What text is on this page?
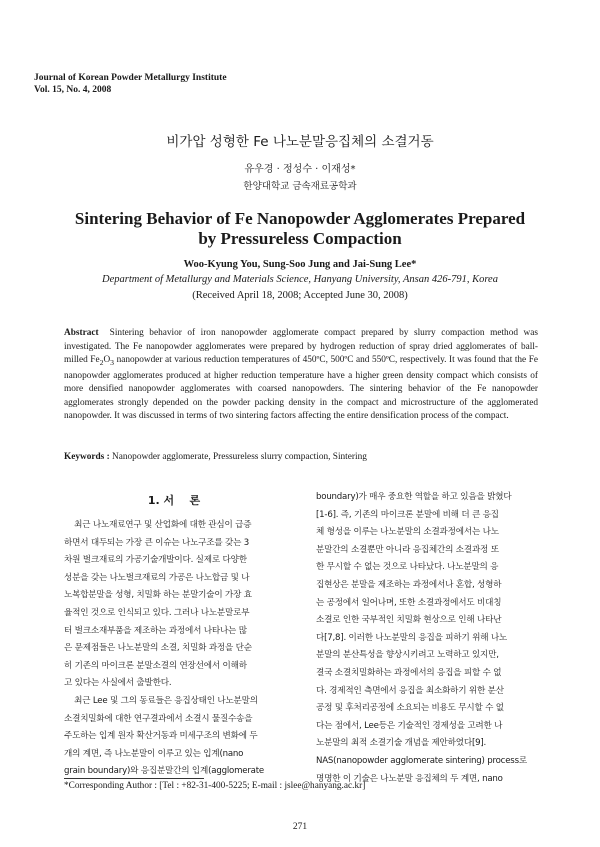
Journal of Korean Powder Metallurgy Institute
Vol. 15, No. 4, 2008
비가압 성형한 Fe 나노분말응집체의 소결거동
유우경 · 정성수 · 이재성*
한양대학교 금속재료공학과
Sintering Behavior of Fe Nanopowder Agglomerates Prepared
by Pressureless Compaction
Woo-Kyung You, Sung-Soo Jung and Jai-Sung Lee*
Department of Metallurgy and Materials Science, Hanyang University, Ansan 426-791, Korea
(Received April 18, 2008; Accepted June 30, 2008)
Abstract Sintering behavior of iron nanopowder agglomerate compact prepared by slurry compaction method was investigated. The Fe nanopowder agglomerates were prepared by hydrogen reduction of spray dried agglomerates of ball-milled $Fe_2O_3$ nanopowder at various reduction temperatures of 450ºC, 500ºC and 550ºC, respectively. It was found that the Fe nanopowder agglomerates produced at higher reduction temperature have a higher green density compact which consists of more densified nanopowder agglomerates with coarsed nanopowders. The sintering behavior of the Fe nanopowder agglomerates strongly depended on the powder packing density in the compact and microstructure of the agglomerated nanopowder. It was discussed in terms of two sintering factors affecting the entire densification process of the compact.
Keywords : Nanopowder agglomerate, Pressureless slurry compaction, Sintering
1. 서    론

최근 나노재료연구 및 산업화에 대한 관심이 급증

하면서 대두되는 가장 큰 이슈는 나노구조를 갖는 3

차원 벌크재료의 가공기술개발이다. 실제로 다양한

성분을 갖는 나노벌크재료의 가공은 나노합금 및 나

노복합분말을 성형, 치밀화 하는 분말기술이 가장 효

율적인 것으로 인식되고 있다. 그러나 나노분말로부

터 벌크소재부품을 제조하는 과정에서 나타나는 많

은 문제점들은 나노분말의 소결, 치밀화 과정을 단순

히 기존의 마이크론 분말소결의 연장선에서 이해하

고 있다는 사실에서 출발한다.

최근 Lee 및 그의 동료들은 응집상태인 나노분말의

소결치밀화에 대한 연구결과에서 소결시 물질수송을

주도하는 입계 원자 확산거동과 미세구조의 변화에 두

개의 계면, 즉 나노분말이 이루고 있는 입계(nano

grain boundary)와 응집분말간의 입계(agglomerate

boundary)가 매우 중요한 역할을 하고 있음을 밝혔다

[1-6]. 즉, 기존의 마이크론 분말에 비해 더 큰 응집

체 형성을 이루는 나노분말의 소결과정에서는 나노

분말간의 소결뿐만 아니라 응집체간의 소결과정 또

한 무시할 수 없는 것으로 나타났다. 나노분말의 응

집현상은 분말을 제조하는 과정에서나 혼합, 성형하

는 공정에서 일어나며, 또한 소결과정에서도 비대칭

소결로 인한 국부적인 치밀화 현상으로 인해 나타난

다[7,8]. 이러한 나노분말의 응집을 피하기 위해 나노

분말의 분산특성을 향상시키려고 노력하고 있지만,

결국 소결치밀화하는 과정에서의 응집을 피할 수 없

다. 경제적인 측면에서 응집을 최소화하기 위한 분산

공정 및 후처리공정에 소요되는 비용도 무시할 수 없

다는 점에서, Lee등은 기술적인 경제성을 고려한 나

노분말의 최적 소결기술 개념을 제안하였다[9].

NAS(nanopowder agglomerate sintering) process로

명명한 이 기술은 나노분말 응집체의 두 계면, nano

*Corresponding Author : [Tel : +82-31-400-5225; E-mail : jslee@hanyang.ac.kr]
271
